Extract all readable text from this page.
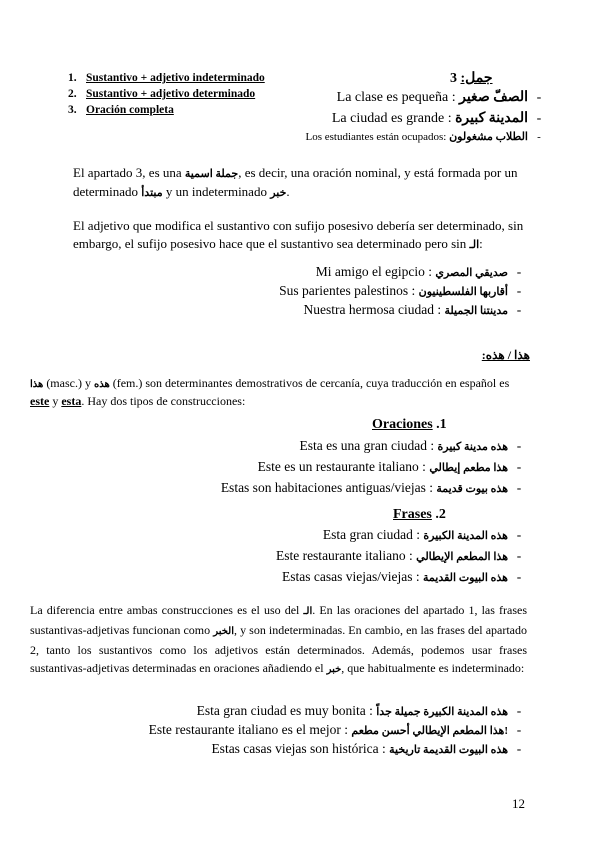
1. Sustantivo + adjetivo indeterminado
2. Sustantivo + adjetivo determinado
3. Oración completa
3 جمل:
La clase es pequeña : الصفّ صغير -
La ciudad es grande : المدينة كبيرة -
Los estudiantes están ocupados: الطلاب مشغولون -
El apartado 3, es una جملة اسمية, es decir, una oración nominal, y está formada por un determinado مبتدأ y un indeterminado خبر.
El adjetivo que modifica el sustantivo con sufijo posesivo debería ser determinado, sin embargo, el sufijo posesivo hace que el sustantivo sea determinado pero sin الـ:
Mi amigo el egipcio : صديقي المصري -
Sus parientes palestinos : أقاربها الفلسطينيون -
Nuestra hermosa ciudad : مدينتنا الجميلة -
هذا / هذه:
هذا (masc.) y هذه (fem.) son determinantes demostrativos de cercanía, cuya traducción en español es este y esta. Hay dos tipos de construcciones:
Oraciones .1
Esta es una gran ciudad : هذه مدينة كبيرة -
Este es un restaurante italiano : هذا مطعم إيطالي -
Estas son habitaciones antiguas/viejas : هذه بيوت قديمة -
Frases .2
Esta gran ciudad : هذه المدينة الكبيرة -
Este restaurante italiano : هذا المطعم الإيطالي -
Estas casas viejas/viejas : هذه البيوت القديمة -
La diferencia entre ambas construcciones es el uso del الـ. En las oraciones del apartado 1, las frases sustantivas-adjetivas funcionan como الخبر, y son indeterminadas. En cambio, en las frases del apartado 2, tanto los sustantivos como los adjetivos están determinados. Además, podemos usar frases sustantivas-adjetivas determinadas en oraciones añadiendo el خبر, que habitualmente es indeterminado:
Esta gran ciudad es muy bonita : هذه المدينة الكبيرة جميلة جداً -
Este restaurante italiano es el mejor : هذا المطعم الإيطالي أحسن مطعم! -
Estas casas viejas son histórica : هذه البيوت القديمة تاريخية -
12
